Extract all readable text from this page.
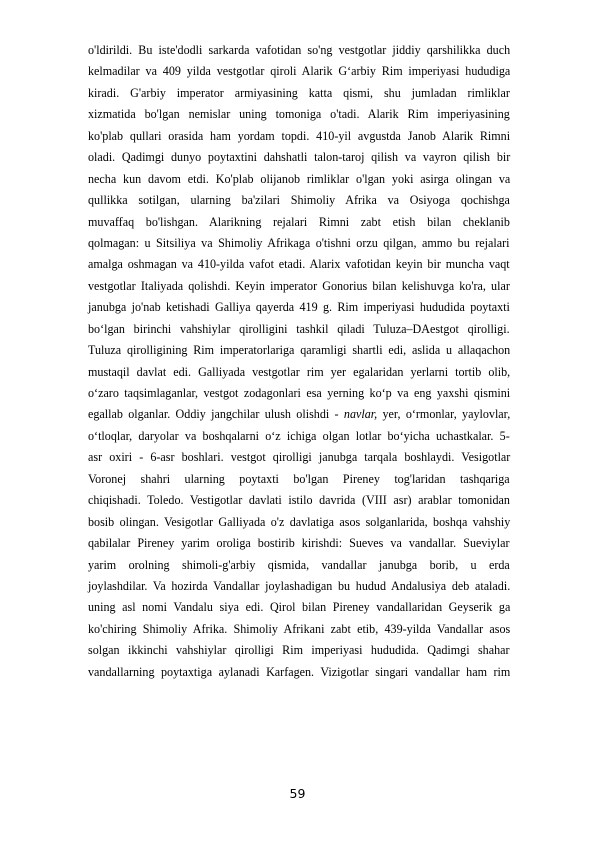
o'ldirildi. Bu iste'dodli sarkarda vafotidan so'ng vestgotlar jiddiy qarshilikka duch
kelmadilar va 409 yilda vestgotlar qiroli Alarik G‘arbiy Rim imperiyasi hududiga
kiradi. G'arbiy imperator armiyasining katta qismi, shu jumladan rimliklar
xizmatida bo'lgan nemislar uning tomoniga o'tadi. Alarik Rim imperiyasining
ko'plab qullari orasida ham yordam topdi. 410-yil avgustda Janob Alarik Rimni
oladi. Qadimgi dunyo poytaxtini dahshatli talon-taroj qilish va vayron qilish bir
necha kun davom etdi. Ko'plab olijanob rimliklar o'lgan yoki asirga olingan va
qullikka sotilgan, ularning ba'zilari Shimoliy Afrika va Osiyoga qochishga
muvaffaq bo'lishgan. Alarikning rejalari Rimni zabt etish bilan cheklanib
qolmagan: u Sitsiliya va Shimoliy Afrikaga o'tishni orzu qilgan, ammo bu rejalari
amalga oshmagan va 410-yilda vafot etadi. Alarix vafotidan keyin bir muncha vaqt
vestgotlar Italiyada qolishdi. Keyin imperator Gonorius bilan kelishuvga ko'ra, ular
janubga jo'nab ketishadi Galliya qayerda 419 g. Rim imperiyasi hududida poytaxti
bo‘lgan birinchi vahshiylar qirolligini tashkil qiladi Tuluza–DAestgot qirolligi.
Tuluza qirolligining Rim imperatorlariga qaramligi shartli edi, aslida u allaqachon
mustaqil davlat edi. Galliyada vestgotlar rim yer egalaridan yerlarni tortib olib,
o‘zaro taqsimlaganlar, vestgot zodagonlari esa yerning ko‘p va eng yaxshi qismini
egallab olganlar. Oddiy jangchilar ulush olishdi - navlar, yer, o‘rmonlar, yaylovlar,
o‘tloqlar, daryolar va boshqalarni o‘z ichiga olgan lotlar bo‘yicha uchastkalar. 5-
asr oxiri - 6-asr boshlari. vestgot qirolligi janubga tarqala boshlaydi. Vesigotlar
Voronej shahri ularning poytaxti bo'lgan Pireney tog'laridan tashqariga
chiqishadi. Toledo. Vestigotlar davlati istilo davrida (VIII asr) arablar tomonidan
bosib olingan. Vesigotlar Galliyada o'z davlatiga asos solganlarida, boshqa vahshiy
qabilalar Pireney yarim oroliga bostirib kirishdi: Sueves va vandallar. Sueviylar
yarim orolning shimoli-g'arbiy qismida, vandallar janubga borib, u erda
joylashdilar. Va hozirda Vandallar joylashadigan bu hudud Andalusiya deb ataladi.
uning asl nomi Vandalu siya edi. Qirol bilan Pireney vandallaridan Geyserik ga
ko'chiring Shimoliy Afrika. Shimoliy Afrikani zabt etib, 439-yilda Vandallar asos
solgan ikkinchi vahshiylar qirolligi Rim imperiyasi hududida. Qadimgi shahar
vandallarning poytaxtiga aylanadi Karfagen. Vizigotlar singari vandallar ham rim
59
